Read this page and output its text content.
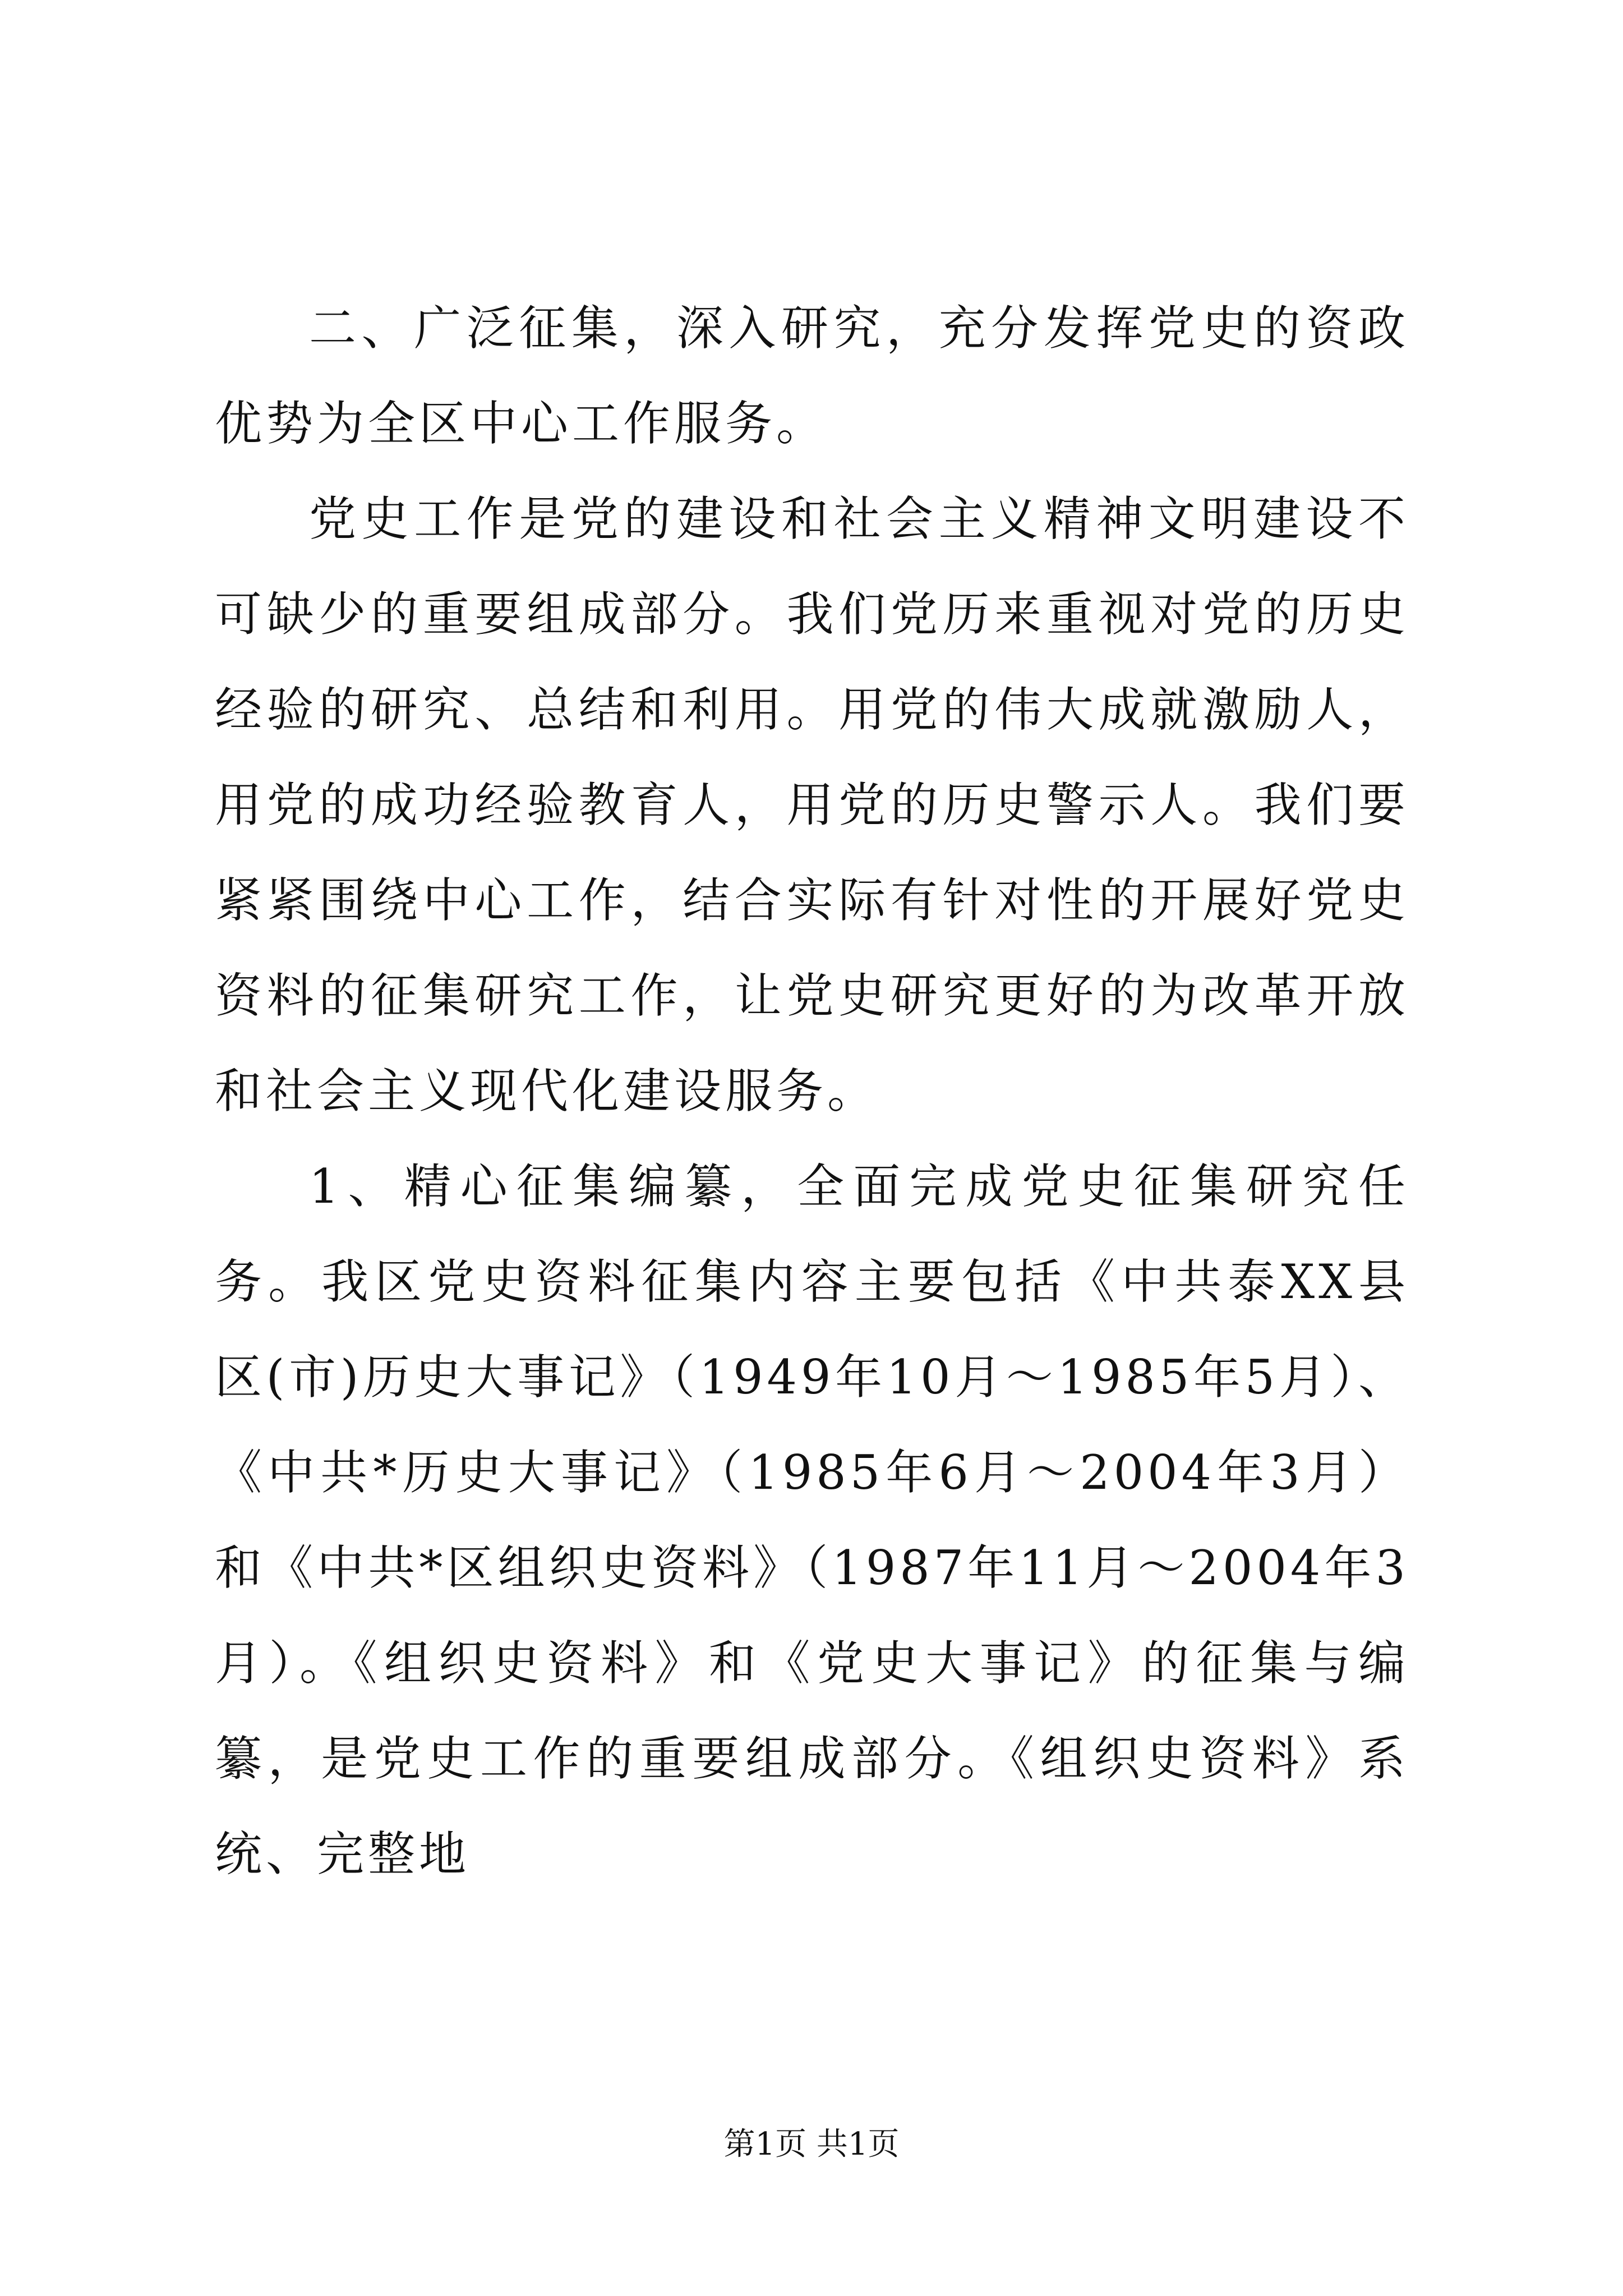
二、广泛征集，深入研究，充分发挥党史的资政优势为全区中心工作服务。

党史工作是党的建设和社会主义精神文明建设不可缺少的重要组成部分。我们党历来重视对党的历史经验的研究、总结和利用。用党的伟大成就激励人，用党的成功经验教育人，用党的历史警示人。我们要紧紧围绕中心工作，结合实际有针对性的开展好党史资料的征集研究工作，让党史研究更好的为改革开放和社会主义现代化建设服务。

1、精心征集编纂，全面完成党史征集研究任务。我区党史资料征集内容主要包括《中共泰XX县区(市)历史大事记》（1949年10月～1985年5月）、《中共*历史大事记》（1985年6月～2004年3月）和《中共*区组织史资料》（1987年11月～2004年3月）。《组织史资料》和《党史大事记》的征集与编纂，是党史工作的重要组成部分。《组织史资料》系统、完整地

第1页 共1页
